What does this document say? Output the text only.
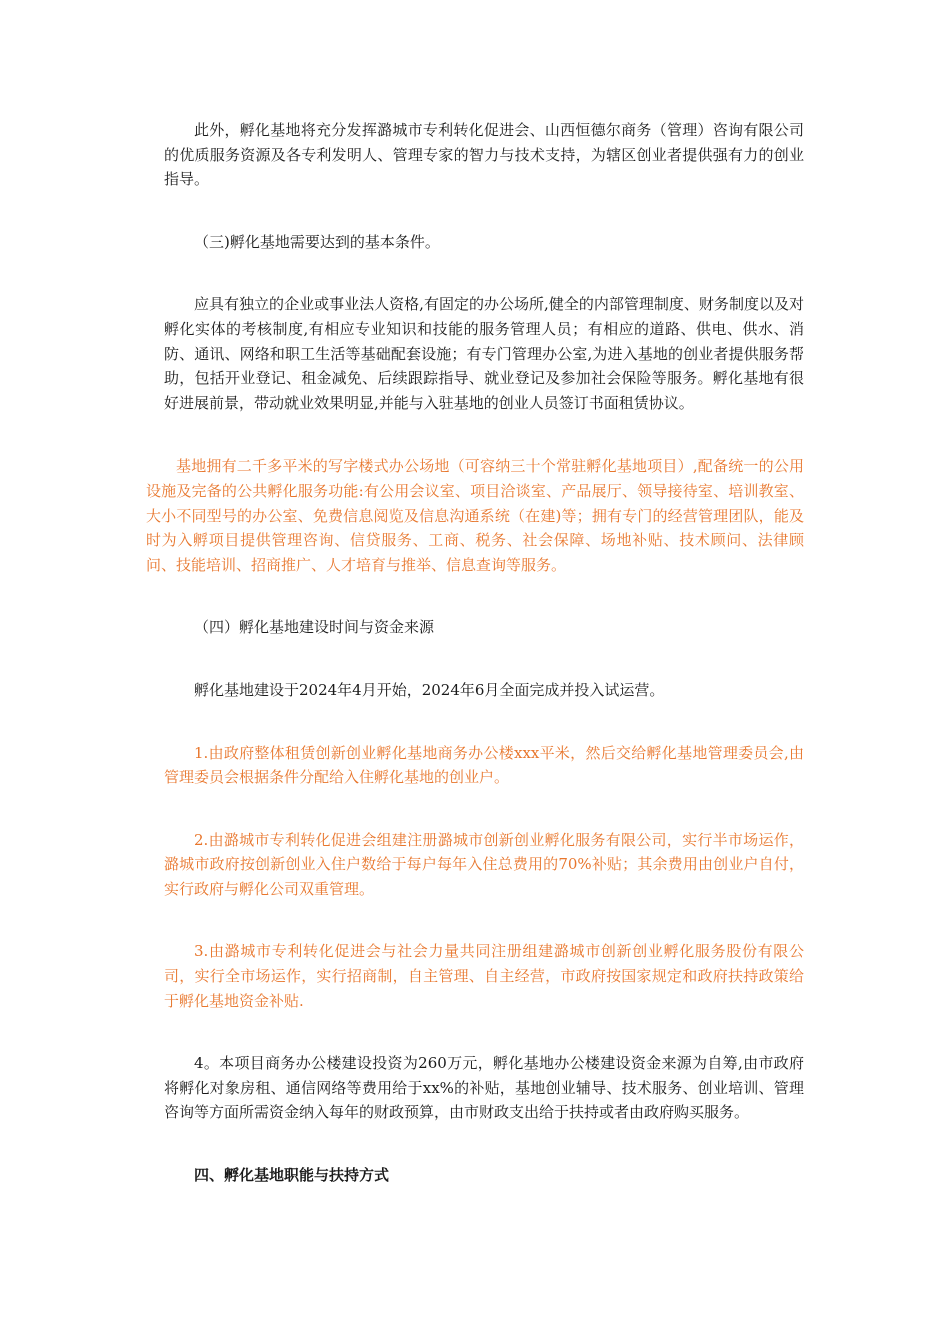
此外，孵化基地将充分发挥潞城市专利转化促进会、山西恒德尔商务（管理）咨询有限公司的优质服务资源及各专利发明人、管理专家的智力与技术支持，为辖区创业者提供强有力的创业指导。

（三)孵化基地需要达到的基本条件。

应具有独立的企业或事业法人资格,有固定的办公场所,健全的内部管理制度、财务制度以及对孵化实体的考核制度,有相应专业知识和技能的服务管理人员；有相应的道路、供电、供水、消防、通讯、网络和职工生活等基础配套设施；有专门管理办公室,为进入基地的创业者提供服务帮助，包括开业登记、租金减免、后续跟踪指导、就业登记及参加社会保险等服务。孵化基地有很好进展前景，带动就业效果明显,并能与入驻基地的创业人员签订书面租赁协议。

基地拥有二千多平米的写字楼式办公场地（可容纳三十个常驻孵化基地项目）,配备统一的公用设施及完备的公共孵化服务功能:有公用会议室、项目洽谈室、产品展厅、领导接待室、培训教室、大小不同型号的办公室、免费信息阅览及信息沟通系统（在建)等；拥有专门的经营管理团队，能及时为入孵项目提供管理咨询、信贷服务、工商、税务、社会保障、场地补贴、技术顾问、法律顾问、技能培训、招商推广、人才培育与推举、信息查询等服务。

（四）孵化基地建设时间与资金来源

孵化基地建设于2024年4月开始，2024年6月全面完成并投入试运营。

1.由政府整体租赁创新创业孵化基地商务办公楼xxx平米，然后交给孵化基地管理委员会,由管理委员会根据条件分配给入住孵化基地的创业户。

2.由潞城市专利转化促进会组建注册潞城市创新创业孵化服务有限公司，实行半市场运作，潞城市政府按创新创业入住户数给于每户每年入住总费用的70%补贴；其余费用由创业户自付，实行政府与孵化公司双重管理。

3.由潞城市专利转化促进会与社会力量共同注册组建潞城市创新创业孵化服务股份有限公司，实行全市场运作，实行招商制，自主管理、自主经营，市政府按国家规定和政府扶持政策给于孵化基地资金补贴.

4。本项目商务办公楼建设投资为260万元，孵化基地办公楼建设资金来源为自筹,由市政府将孵化对象房租、通信网络等费用给于xx%的补贴，基地创业辅导、技术服务、创业培训、管理咨询等方面所需资金纳入每年的财政预算，由市财政支出给于扶持或者由政府购买服务。

四、孵化基地职能与扶持方式
